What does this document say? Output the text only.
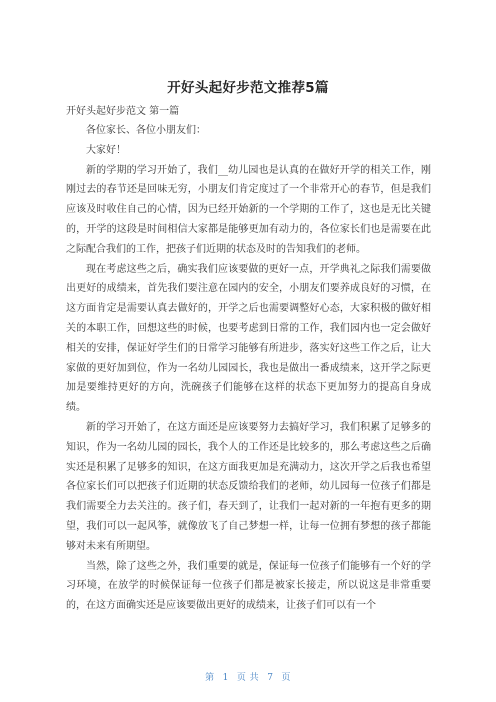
开好头起好步范文推荐5篇
开好头起好步范文 第一篇

各位家长、各位小朋友们：

大家好！

新的学期的学习开始了，我们__幼儿园也是认真的在做好开学的相关工作，刚刚过去的春节还是回味无穷，小朋友们肯定度过了一个非常开心的春节，但是我们应该及时收住自己的心情，因为已经开始新的一个学期的工作了，这也是无比关键的，开学的这段是时间相信大家都是能够更加有动力的，各位家长们也是需要在此之际配合我们的工作，把孩子们近期的状态及时的告知我们的老师。

现在考虑这些之后，确实我们应该要做的更好一点，开学典礼之际我们需要做出更好的成绩来，首先我们要注意在园内的安全，小朋友们要养成良好的习惯，在这方面肯定是需要认真去做好的，开学之后也需要调整好心态，大家积极的做好相关的本职工作，回想这些的时候，也要考虑到日常的工作，我们园内也一定会做好相关的安排，保证好学生们的日常学习能够有所进步，落实好这些工作之后，让大家做的更好加到位，作为一名幼儿园园长，我也是做出一番成绩来，这开学之际更加是要维持更好的方向，洗碗孩子们能够在这样的状态下更加努力的提高自身成绩。

新的学习开始了，在这方面还是应该要努力去搞好学习，我们积累了足够多的知识，作为一名幼儿园的园长，我个人的工作还是比较多的，那么考虑这些之后确实还是积累了足够多的知识，在这方面我更加是充满动力，这次开学之后我也希望各位家长们可以把孩子们近期的状态反馈给我们的老师，幼儿园每一位孩子们都是我们需要全力去关注的。孩子们，春天到了，让我们一起对新的一年抱有更多的期望，我们可以一起风筝，就像放飞了自己梦想一样，让每一位拥有梦想的孩子都能够对未来有所期望。

当然，除了这些之外，我们重要的就是，保证每一位孩子们能够有一个好的学习环境，在放学的时候保证每一位孩子们都是被家长接走，所以说这是非常重要的，在这方面确实还是应该要做出更好的成绩来，让孩子们可以有一个

第 1 页 共 7 页
